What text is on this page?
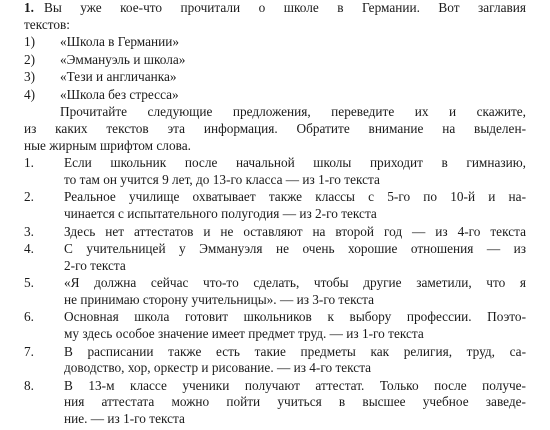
1. Вы уже кое-что прочитали о школе в Германии. Вот заглавия
текстов:
1) «Школа в Германии»
2) «Эммануэль и школа»
3) «Тези и англичанка»
4) «Школа без стресса»
Прочитайте следующие предложения, переведите их и скажите,
из каких текстов эта информация. Обратите внимание на выделен-
ные жирным шрифтом слова.
1. Если школьник после начальной школы приходит в гимназию,
то там он учится 9 лет, до 13-го класса — из 1-го текста
2. Реальное училище охватывает также классы с 5-го по 10-й и на-
чинается с испытательного полугодия — из 2-го текста
3. Здесь нет аттестатов и не оставляют на второй год — из 4-го текста
4. С учительницей у Эммануэля не очень хорошие отношения — из
2-го текста
5. «Я должна сейчас что-то сделать, чтобы другие заметили, что я
не принимаю сторону учительницы». — из 3-го текста
6. Основная школа готовит школьников к выбору профессии. Поэто-
му здесь особое значение имеет предмет труд. — из 1-го текста
7. В расписании также есть такие предметы как религия, труд, са-
доводство, хор, оркестр и рисование. — из 4-го текста
8. В 13-м классе ученики получают аттестат. Только после получе-
ния аттестата можно пойти учиться в высшее учебное заведе-
ние. — из 1-го текста
